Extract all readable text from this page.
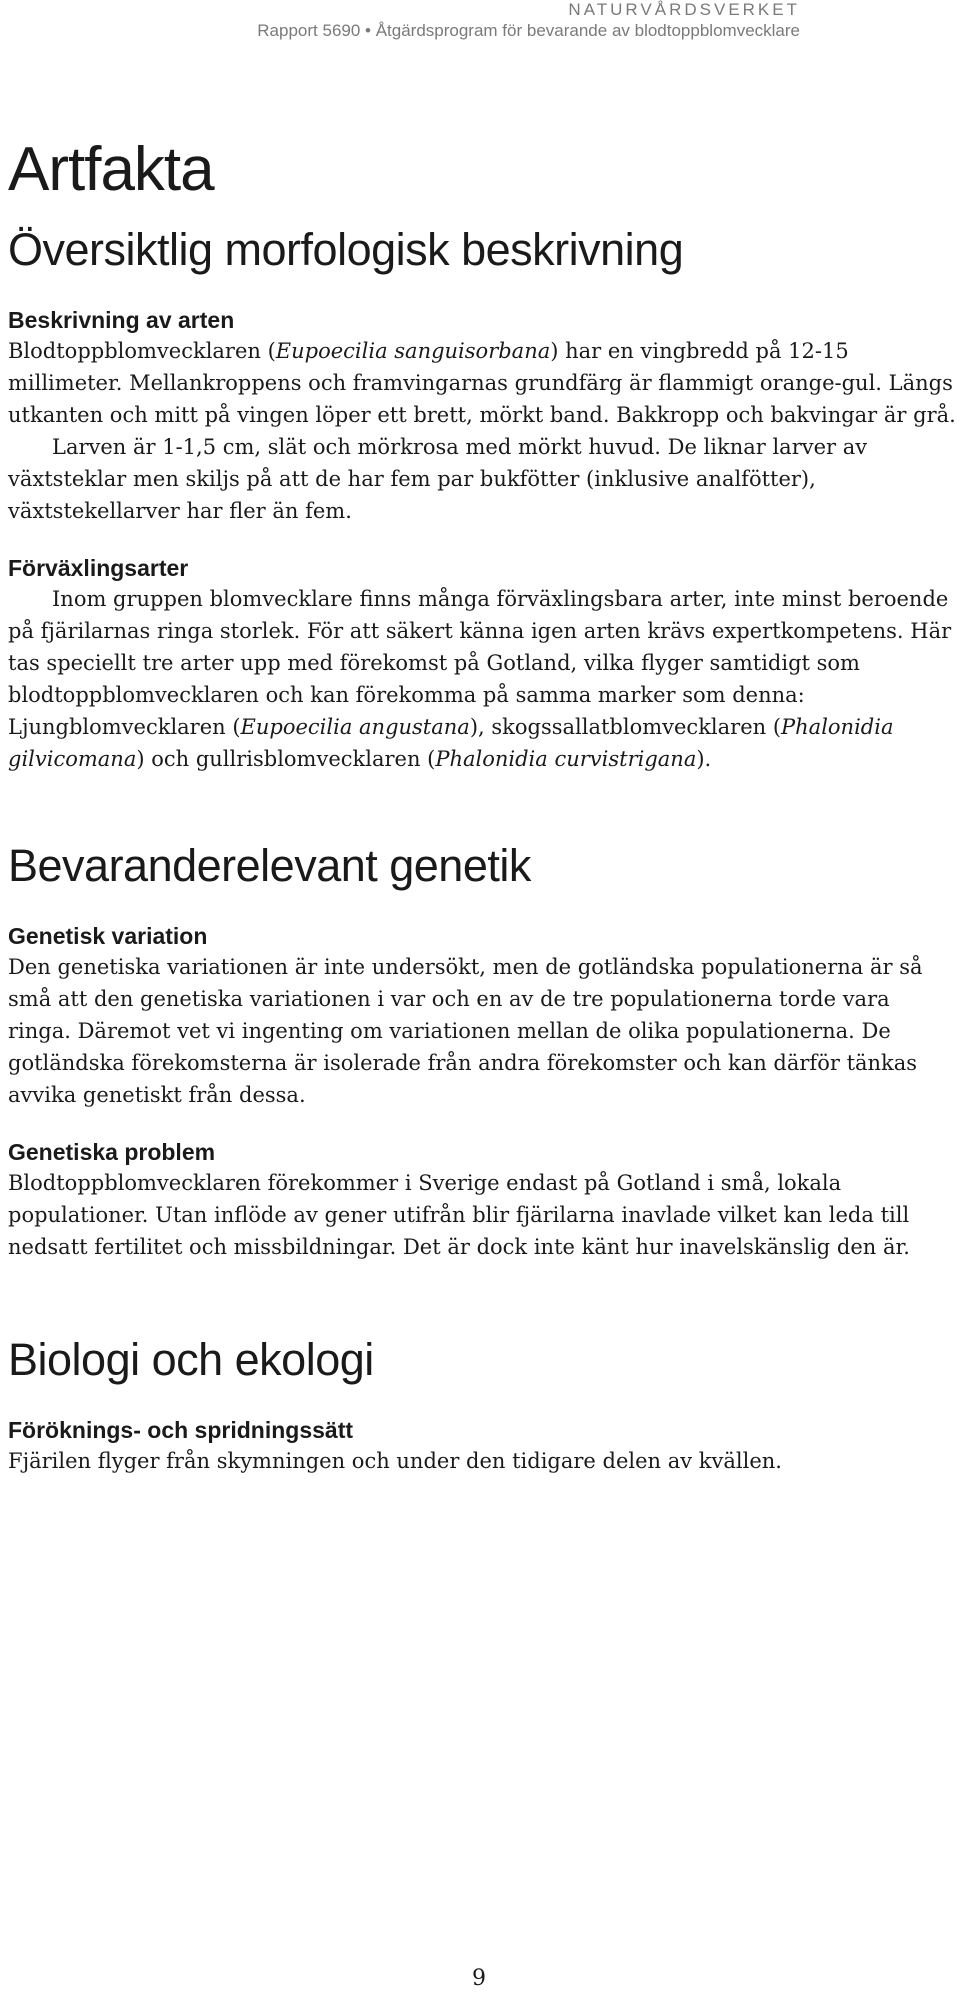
NATURVÅRDSVERKET
Rapport 5690 • Åtgärdsprogram för bevarande av blodtoppblomvecklare
Artfakta
Översiktlig morfologisk beskrivning
Beskrivning av arten

Blodtoppblomvecklaren (Eupoecilia sanguisorbana) har en vingbredd på 12-15 millimeter. Mellankroppens och framvingarnas grundfärg är flammigt orange-gul. Längs utkanten och mitt på vingen löper ett brett, mörkt band. Bakkropp och bakvingar är grå.

Larven är 1-1,5 cm, slät och mörkrosa med mörkt huvud. De liknar larver av växtsteklar men skiljs på att de har fem par bukfötter (inklusive analfötter), växtstekellarver har fler än fem.

Förväxlingsarter

Inom gruppen blomvecklare finns många förväxlingsbara arter, inte minst beroende på fjärilarnas ringa storlek. För att säkert känna igen arten krävs expertkompetens. Här tas speciellt tre arter upp med förekomst på Gotland, vilka flyger samtidigt som blodtoppblomvecklaren och kan förekomma på samma marker som denna: Ljungblomvecklaren (Eupoecilia angustana), skogssallatblomvecklaren (Phalonidia gilvicomana) och gullrisblomvecklaren (Phalonidia curvistrigana).

Bevaranderelevant genetik
Genetisk variation

Den genetiska variationen är inte undersökt, men de gotländska populationerna är så små att den genetiska variationen i var och en av de tre populationerna torde vara ringa. Däremot vet vi ingenting om variationen mellan de olika populationerna. De gotländska förekomsterna är isolerade från andra förekomster och kan därför tänkas avvika genetiskt från dessa.

Genetiska problem

Blodtoppblomvecklaren förekommer i Sverige endast på Gotland i små, lokala populationer. Utan inflöde av gener utifrån blir fjärilarna inavlade vilket kan leda till nedsatt fertilitet och missbildningar. Det är dock inte känt hur inavelskänslig den är.

Biologi och ekologi
Föröknings- och spridningssätt

Fjärilen flyger från skymningen och under den tidigare delen av kvällen.

9
